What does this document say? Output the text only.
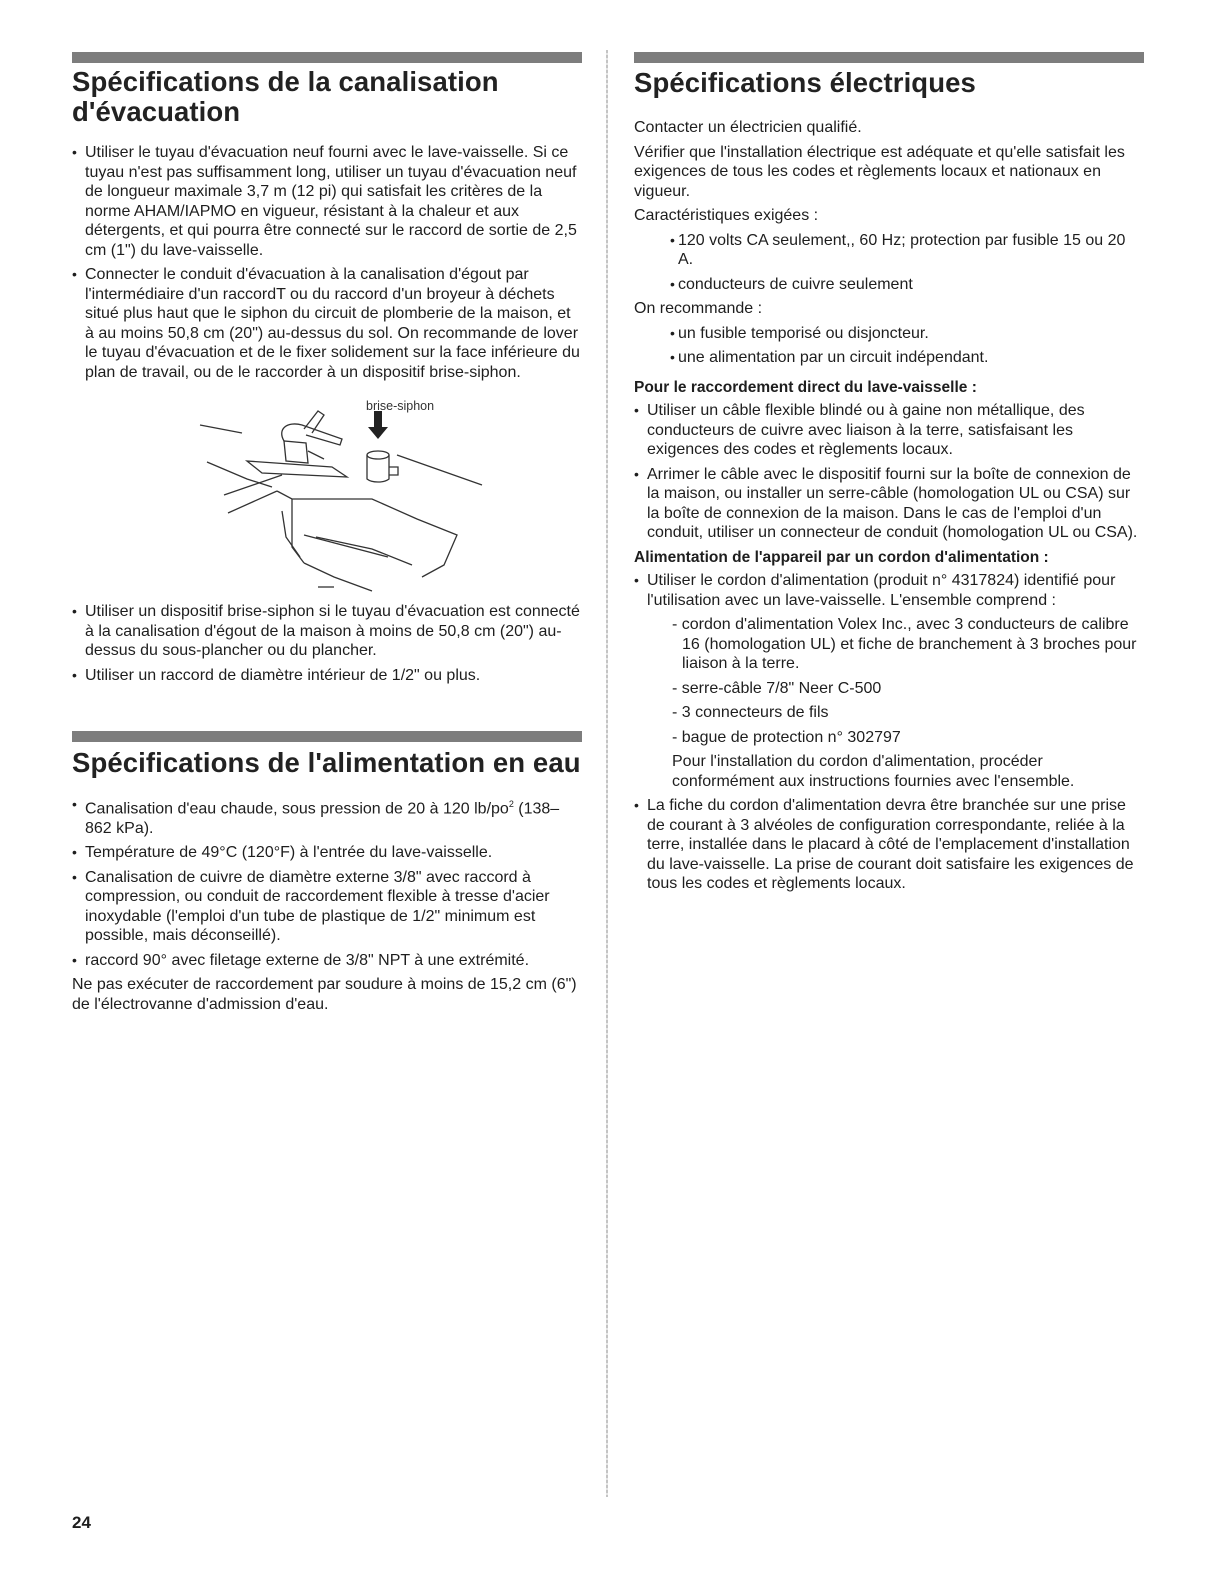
Spécifications de la canalisation
d'évacuation
• Utiliser le tuyau d'évacuation neuf fourni avec le lave-vaisselle. Si ce tuyau n'est pas suffisamment long, utiliser un tuyau d'évacuation neuf de longueur maximale 3,7 m (12 pi) qui satisfait les critères de la norme AHAM/IAPMO en vigueur, résistant à la chaleur et aux détergents, et qui pourra être connecté sur le raccord de sortie de 2,5 cm (1") du lave-vaisselle.
• Connecter le conduit d'évacuation à la canalisation d'égout par l'intermédiaire d'un raccordT ou du raccord d'un broyeur à déchets situé plus haut que le siphon du circuit de plomberie de la maison, et à au moins 50,8 cm (20") au-dessus du sol. On recommande de lover le tuyau d'évacuation et de le fixer solidement sur la face inférieure du plan de travail, ou de le raccorder à un dispositif brise-siphon.
brise-siphon
• Utiliser un dispositif brise-siphon si le tuyau d'évacuation est connecté à la canalisation d'égout de la maison à moins de 50,8 cm (20") au-dessus du sous-plancher ou du plancher.
• Utiliser un raccord de diamètre intérieur de 1/2" ou plus.
Spécifications de l'alimentation en eau
• Canalisation d'eau chaude, sous pression de 20 à 120 $lb/po^2$ (138–862 kPa).
• Température de 49°C (120°F) à l'entrée du lave-vaisselle.
• Canalisation de cuivre de diamètre externe 3/8" avec raccord à compression, ou conduit de raccordement flexible à tresse d'acier inoxydable (l'emploi d'un tube de plastique de 1/2" minimum est possible, mais déconseillé).
• raccord 90° avec filetage externe de 3/8" NPT à une extrémité.

Ne pas exécuter de raccordement par soudure à moins de 15,2 cm (6") de l'électrovanne d'admission d'eau.

Spécifications électriques

Contacter un électricien qualifié.

Vérifier que l'installation électrique est adéquate et qu'elle satisfait les exigences de tous les codes et règlements locaux et nationaux en vigueur.

Caractéristiques exigées :

• 120 volts CA seulement,, 60 Hz; protection par fusible 15 ou 20 A.
• conducteurs de cuivre seulement

On recommande :

• un fusible temporisé ou disjoncteur.
• une alimentation par un circuit indépendant.
Pour le raccordement direct du lave-vaisselle :
• Utiliser un câble flexible blindé ou à gaine non métallique, des conducteurs de cuivre avec liaison à la terre, satisfaisant les exigences des codes et règlements locaux.
• Arrimer le câble avec le dispositif fourni sur la boîte de connexion de la maison, ou installer un serre-câble (homologation UL ou CSA) sur la boîte de connexion de la maison. Dans le cas de l'emploi d'un conduit, utiliser un connecteur de conduit (homologation UL ou CSA).
Alimentation de l'appareil par un cordon d'alimentation :
• Utiliser le cordon d'alimentation (produit n° 4317824) identifié pour l'utilisation avec un lave-vaisselle. L'ensemble comprend :
- cordon d'alimentation Volex Inc., avec 3 conducteurs de calibre 16 (homologation UL) et fiche de branchement à 3 broches pour liaison à la terre.
- serre-câble 7/8" Neer C-500
- 3 connecteurs de fils
- bague de protection n° 302797

Pour l'installation du cordon d'alimentation, procéder conformément aux instructions fournies avec l'ensemble.

• La fiche du cordon d'alimentation devra être branchée sur une prise de courant à 3 alvéoles de configuration correspondante, reliée à la terre, installée dans le placard à côté de l'emplacement d'installation du lave-vaisselle. La prise de courant doit satisfaire les exigences de tous les codes et règlements locaux.
24
